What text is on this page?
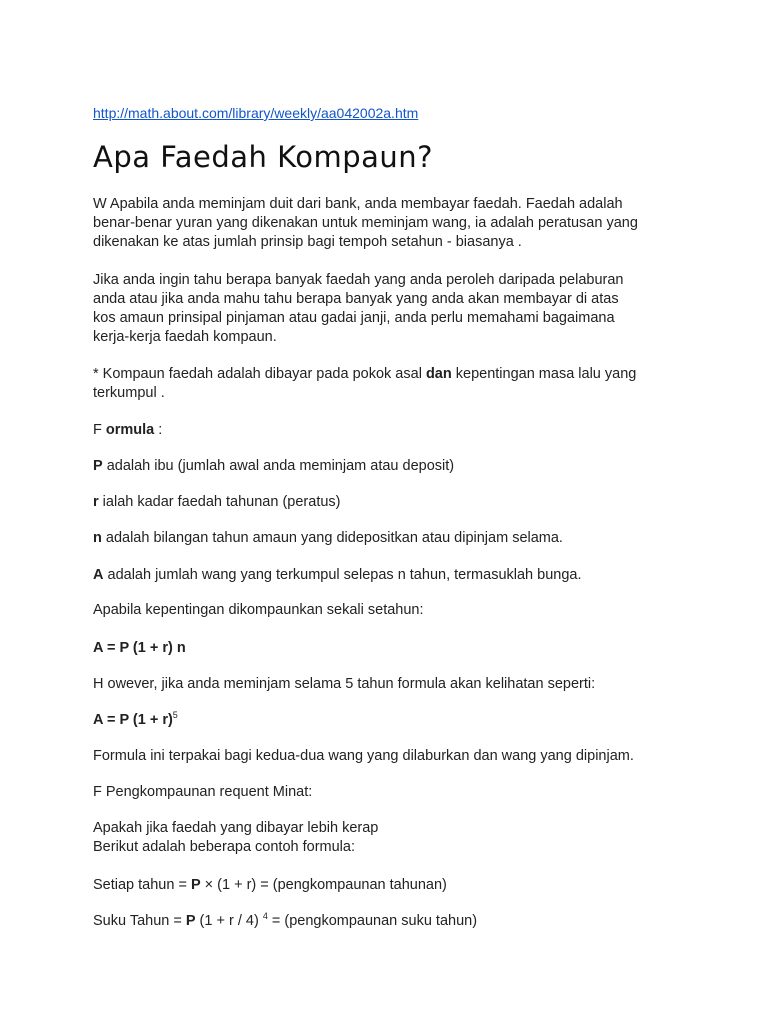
http://math.about.com/library/weekly/aa042002a.htm
Apa Faedah Kompaun?

W Apabila anda meminjam duit dari bank, anda membayar faedah. Faedah adalah
benar-benar yuran yang dikenakan untuk meminjam wang, ia adalah peratusan yang
dikenakan ke atas jumlah prinsip bagi tempoh setahun - biasanya .

Jika anda ingin tahu berapa banyak faedah yang anda peroleh daripada pelaburan
anda atau jika anda mahu tahu berapa banyak yang anda akan membayar di atas
kos amaun prinsipal pinjaman atau gadai janji, anda perlu memahami bagaimana
kerja-kerja faedah kompaun.

* Kompaun faedah adalah dibayar pada pokok asal dan kepentingan masa lalu yang
terkumpul .

F ormula :

P adalah ibu (jumlah awal anda meminjam atau deposit)

r ialah kadar faedah tahunan (peratus)

n adalah bilangan tahun amaun yang didepositkan atau dipinjam selama.

A adalah jumlah wang yang terkumpul selepas n tahun, termasuklah bunga.

Apabila kepentingan dikompaunkan sekali setahun:

A = P (1 + r) n

H owever, jika anda meminjam selama 5 tahun formula akan kelihatan seperti:

A = P $(1 + r)^5$

Formula ini terpakai bagi kedua-dua wang yang dilaburkan dan wang yang dipinjam.

F Pengkompaunan requent Minat:

Apakah jika faedah yang dibayar lebih kerap
Berikut adalah beberapa contoh formula:

Setiap tahun = P × (1 + r) = (pengkompaunan tahunan)

Suku Tahun = P (1 + r / 4) $^4$ = (pengkompaunan suku tahun)
